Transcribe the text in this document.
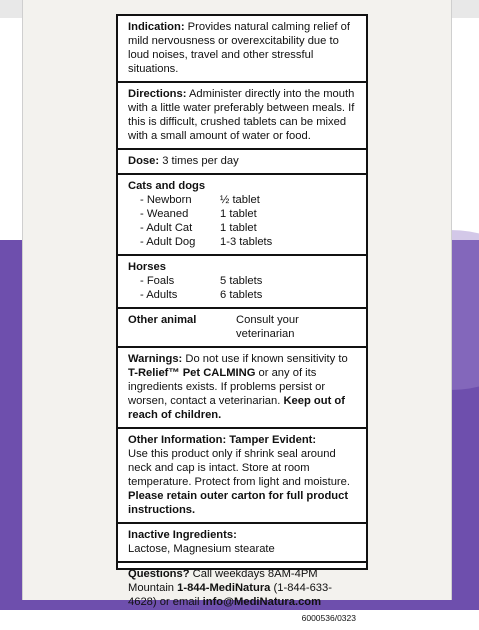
Indication: Provides natural calming relief of mild nervousness or overexcitability due to loud noises, travel and other stressful situations.
Directions: Administer directly into the mouth with a little water preferably between meals. If this is difficult, crushed tablets can be mixed with a small amount of water or food.
Dose: 3 times per day
Cats and dogs
- Newborn	½ tablet
- Weaned	1 tablet
- Adult Cat	1 tablet
- Adult Dog	1-3 tablets
Horses
- Foals	5 tablets
- Adults	6 tablets
Other animal	Consult your veterinarian
Warnings: Do not use if known sensitivity to T-Relief™ Pet CALMING or any of its ingredients exists. If problems persist or worsen, contact a veterinarian. Keep out of reach of children.
Other Information: Tamper Evident:
Use this product only if shrink seal around neck and cap is intact. Store at room temperature. Protect from light and moisture. Please retain outer carton for full product instructions.
Inactive Ingredients:
Lactose, Magnesium stearate
Questions? Call weekdays 8AM-4PM Mountain 1-844-MediNatura (1-844-633-4628) or email info@MediNatura.com
6000536/0323
